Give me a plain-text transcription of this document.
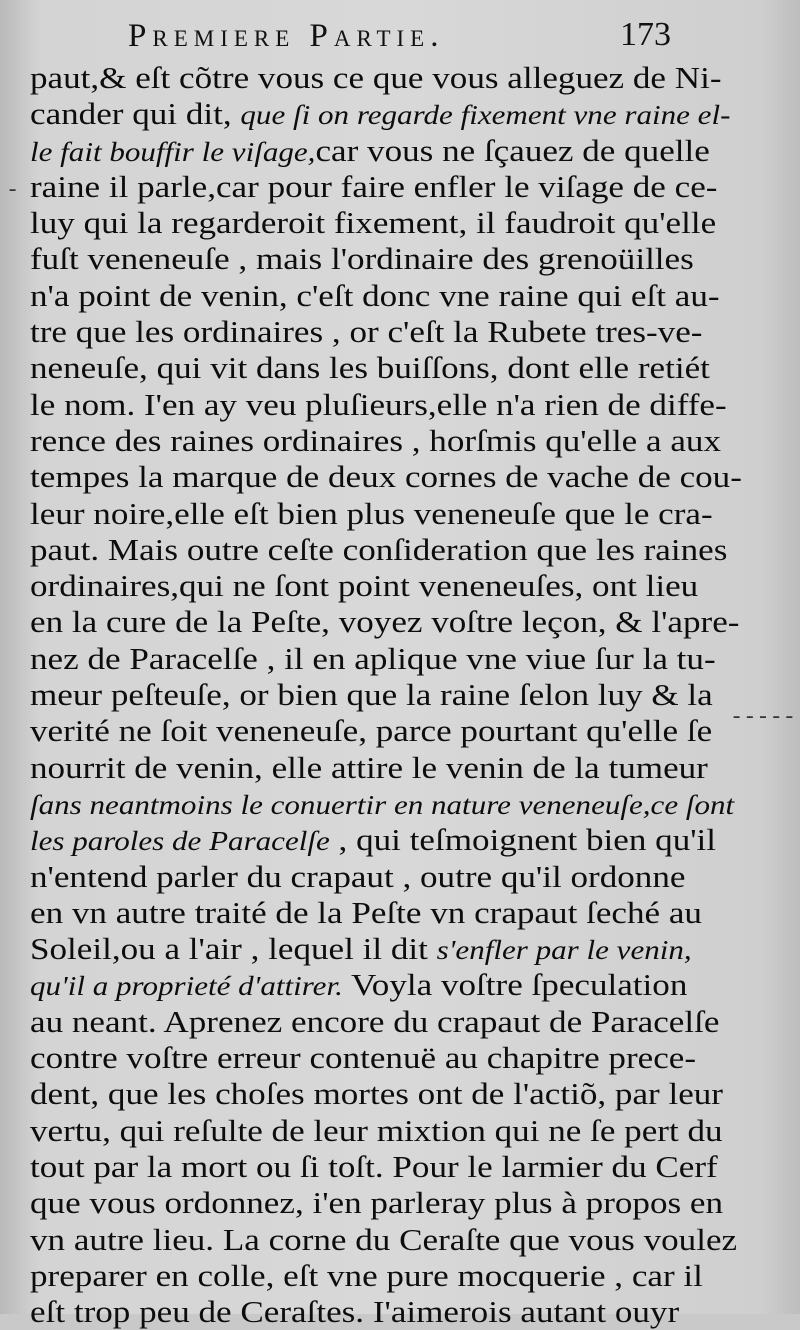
Premiere Partie.	173
paut,& eſt cõtre vous ce que vous alleguez de Ni-
cander qui dit, que ſi on regarde fixement vne raine el-
le fait bouffir le viſage,car vous ne ſçauez de quelle
raine il parle,car pour faire enfler le viſage de ce-
luy qui la regarderoit fixement, il faudroit qu'elle
fuſt veneneuſe , mais l'ordinaire des grenoüilles
n'a point de venin, c'eſt donc vne raine qui eſt au-
tre que les ordinaires , or c'eſt la Rubete tres-ve-
neneuſe, qui vit dans les buiſſons, dont elle retiét
le nom. I'en ay veu pluſieurs,elle n'a rien de diffe-
rence des raines ordinaires , horſmis qu'elle a aux
tempes la marque de deux cornes de vache de cou-
leur noire,elle eſt bien plus veneneuſe que le cra-
paut. Mais outre ceſte conſideration que les raines
ordinaires,qui ne ſont point veneneuſes, ont lieu
en la cure de la Peſte, voyez voſtre leçon, & l'apre-
nez de Paracelſe , il en aplique vne viue ſur la tu-
meur peſteuſe, or bien que la raine ſelon luy & la
verité ne ſoit veneneuſe, parce pourtant qu'elle ſe
nourrit de venin, elle attire le venin de la tumeur
ſans neantmoins le conuertir en nature veneneuſe,ce ſont
les paroles de Paracelſe , qui teſmoignent bien qu'il
n'entend parler du crapaut , outre qu'il ordonne
en vn autre traité de la Peſte vn crapaut ſeché au
Soleil,ou a l'air , lequel il dit s'enfler par le venin,
qu'il a proprieté d'attirer. Voyla voſtre ſpeculation
au neant. Aprenez encore du crapaut de Paracelſe
contre voſtre erreur contenuë au chapitre prece-
dent, que les choſes mortes ont de l'actiõ, par leur
vertu, qui reſulte de leur mixtion qui ne ſe pert du
tout par la mort ou ſi toſt. Pour le larmier du Cerf
que vous ordonnez, i'en parleray plus à propos en
vn autre lieu. La corne du Ceraſte que vous voulez
preparer en colle, eſt vne pure mocquerie , car il
eſt trop peu de Ceraſtes. I'aimerois autant ouyr
-----
-
